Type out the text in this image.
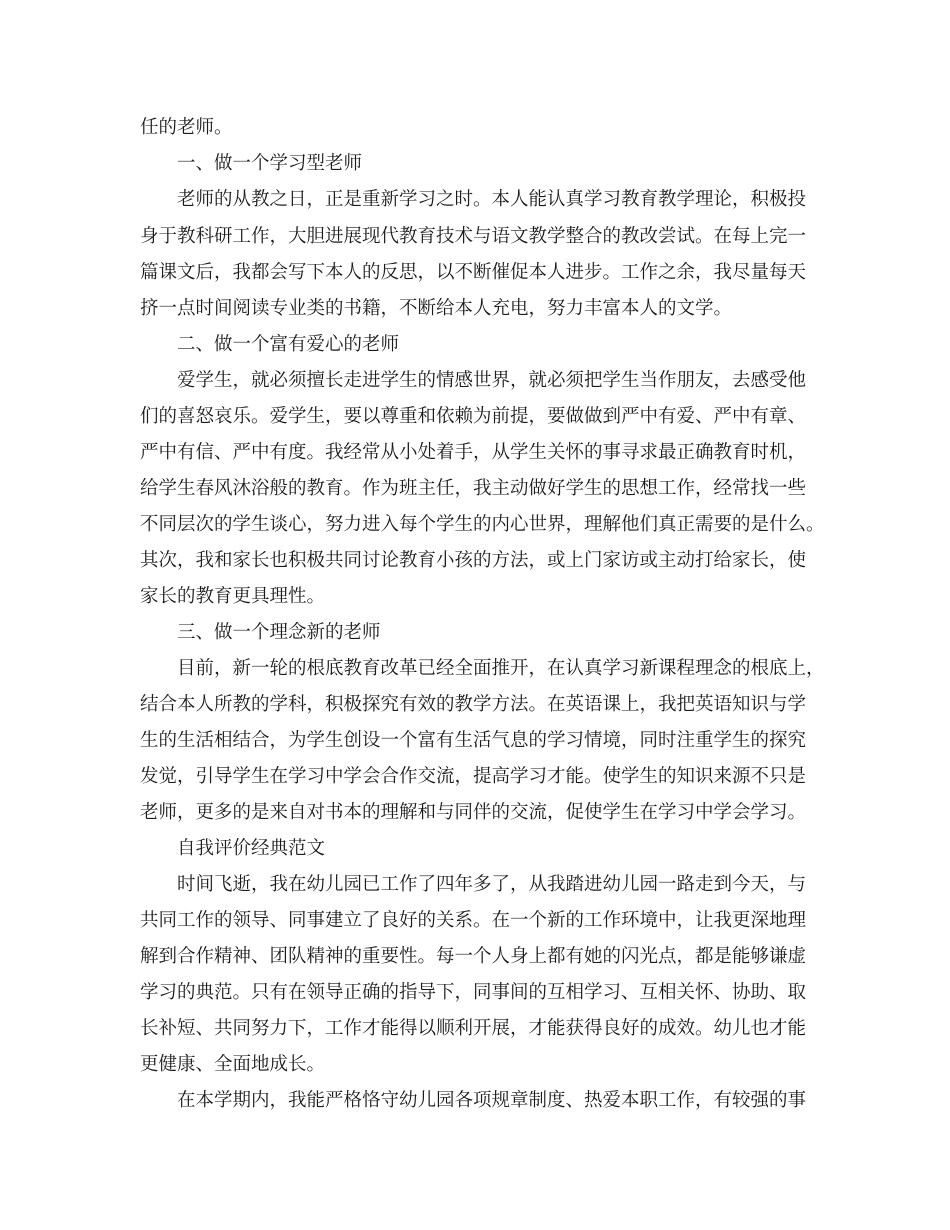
任的老师。
一、做一个学习型老师
老师的从教之日，正是重新学习之时。本人能认真学习教育教学理论，积极投
身于教科研工作，大胆进展现代教育技术与语文教学整合的教改尝试。在每上完一
篇课文后，我都会写下本人的反思，以不断催促本人进步。工作之余，我尽量每天
挤一点时间阅读专业类的书籍，不断给本人充电，努力丰富本人的文学。
二、做一个富有爱心的老师
爱学生，就必须擅长走进学生的情感世界，就必须把学生当作朋友，去感受他
们的喜怒哀乐。爱学生，要以尊重和依赖为前提，要做做到严中有爱、严中有章、
严中有信、严中有度。我经常从小处着手，从学生关怀的事寻求最正确教育时机，
给学生春风沐浴般的教育。作为班主任，我主动做好学生的思想工作，经常找一些
不同层次的学生谈心，努力进入每个学生的内心世界，理解他们真正需要的是什么。
其次，我和家长也积极共同讨论教育小孩的方法，或上门家访或主动打给家长，使
家长的教育更具理性。
三、做一个理念新的老师
目前，新一轮的根底教育改革已经全面推开，在认真学习新课程理念的根底上，
结合本人所教的学科，积极探究有效的教学方法。在英语课上，我把英语知识与学
生的生活相结合，为学生创设一个富有生活气息的学习情境，同时注重学生的探究
发觉，引导学生在学习中学会合作交流，提高学习才能。使学生的知识来源不只是
老师，更多的是来自对书本的理解和与同伴的交流，促使学生在学习中学会学习。
自我评价经典范文
时间飞逝，我在幼儿园已工作了四年多了，从我踏进幼儿园一路走到今天，与
共同工作的领导、同事建立了良好的关系。在一个新的工作环境中，让我更深地理
解到合作精神、团队精神的重要性。每一个人身上都有她的闪光点，都是能够谦虚
学习的典范。只有在领导正确的指导下，同事间的互相学习、互相关怀、协助、取
长补短、共同努力下，工作才能得以顺利开展，才能获得良好的成效。幼儿也才能
更健康、全面地成长。
在本学期内，我能严格恪守幼儿园各项规章制度、热爱本职工作，有较强的事
